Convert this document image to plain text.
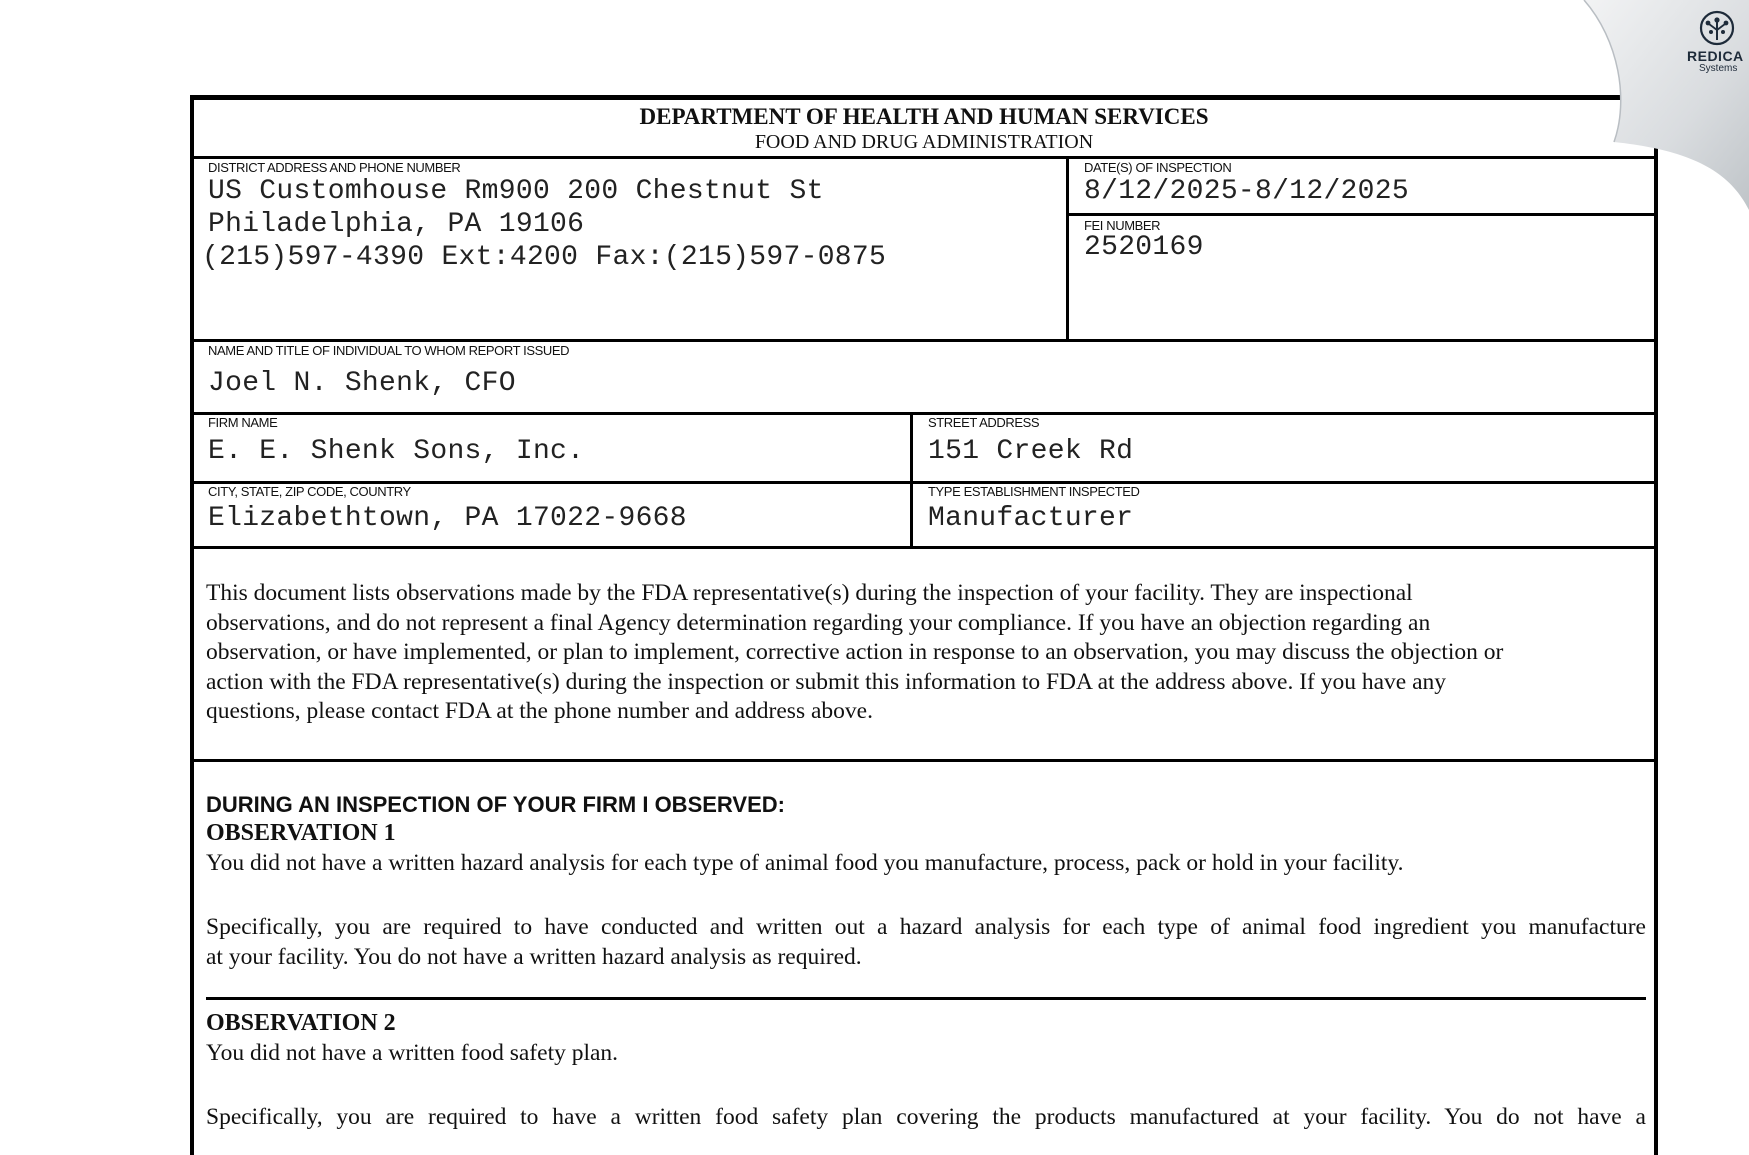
DEPARTMENT OF HEALTH AND HUMAN SERVICES
FOOD AND DRUG ADMINISTRATION
DISTRICT ADDRESS AND PHONE NUMBER
US Customhouse Rm900 200 Chestnut St
Philadelphia, PA 19106
(215)597-4390 Ext:4200 Fax:(215)597-0875
DATE(S) OF INSPECTION
8/12/2025-8/12/2025
FEI NUMBER
2520169
NAME AND TITLE OF INDIVIDUAL TO WHOM REPORT ISSUED
Joel N. Shenk, CFO
FIRM NAME
E. E. Shenk Sons, Inc.
STREET ADDRESS
151 Creek Rd
CITY, STATE, ZIP CODE, COUNTRY
Elizabethtown, PA 17022-9668
TYPE ESTABLISHMENT INSPECTED
Manufacturer
This document lists observations made by the FDA representative(s) during the inspection of your facility. They are inspectional
observations, and do not represent a final Agency determination regarding your compliance. If you have an objection regarding an
observation, or have implemented, or plan to implement, corrective action in response to an observation, you may discuss the objection or
action with the FDA representative(s) during the inspection or submit this information to FDA at the address above. If you have any
questions, please contact FDA at the phone number and address above.
DURING AN INSPECTION OF YOUR FIRM I OBSERVED:
OBSERVATION 1
You did not have a written hazard analysis for each type of animal food you manufacture, process, pack or hold in your facility.
Specifically, you are required to have conducted and written out a hazard analysis for each type of animal food ingredient you manufacture
at your facility. You do not have a written hazard analysis as required.
OBSERVATION 2
You did not have a written food safety plan.
Specifically, you are required to have a written food safety plan covering the products manufactured at your facility. You do not have a
REDICA
Systems
